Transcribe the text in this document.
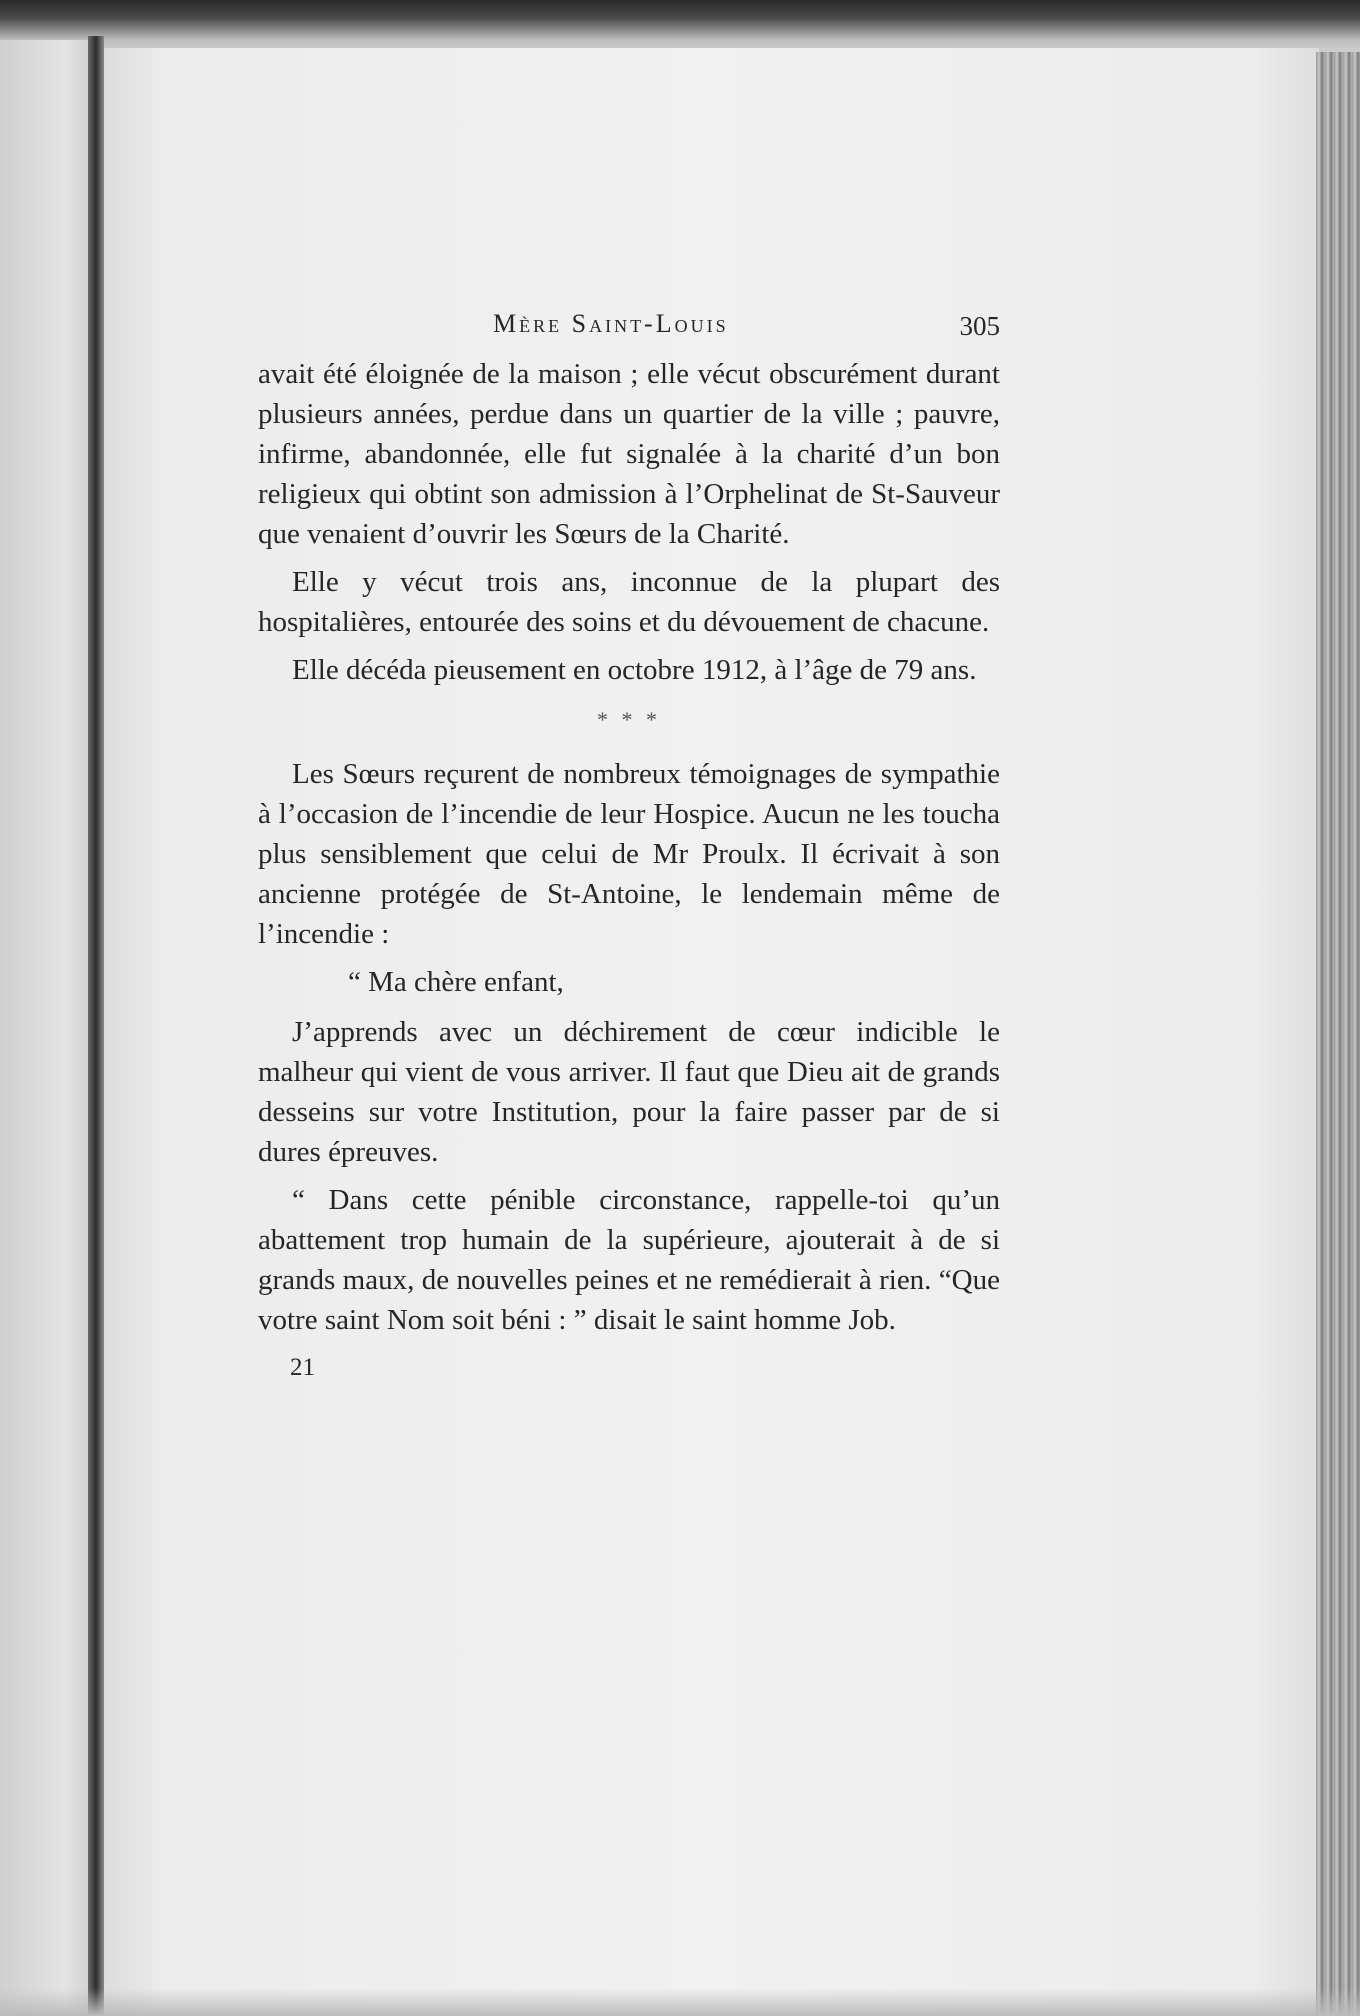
Mère Saint-Louis	305

avait été éloignée de la maison ; elle vécut obscurément durant plusieurs années, perdue dans un quartier de la ville ; pauvre, infirme, abandonnée, elle fut signalée à la charité d’un bon religieux qui obtint son admission à l’Orphelinat de St-Sauveur que venaient d’ouvrir les Sœurs de la Charité.

Elle y vécut trois ans, inconnue de la plupart des hospitalières, entourée des soins et du dévouement de chacune.

Elle décéda pieusement en octobre 1912, à l’âge de 79 ans.

* * *

Les Sœurs reçurent de nombreux témoignages de sympathie à l’occasion de l’incendie de leur Hospice. Aucun ne les toucha plus sensiblement que celui de Mr Proulx. Il écrivait à son ancienne protégée de St-Antoine, le lendemain même de l’incendie :

“ Ma chère enfant,

J’apprends avec un déchirement de cœur indicible le malheur qui vient de vous arriver. Il faut que Dieu ait de grands desseins sur votre Institution, pour la faire passer par de si dures épreuves.

“ Dans cette pénible circonstance, rappelle-toi qu’un abattement trop humain de la supérieure, ajouterait à de si grands maux, de nouvelles peines et ne remédierait à rien. “Que votre saint Nom soit béni : ” disait le saint homme Job.

21
